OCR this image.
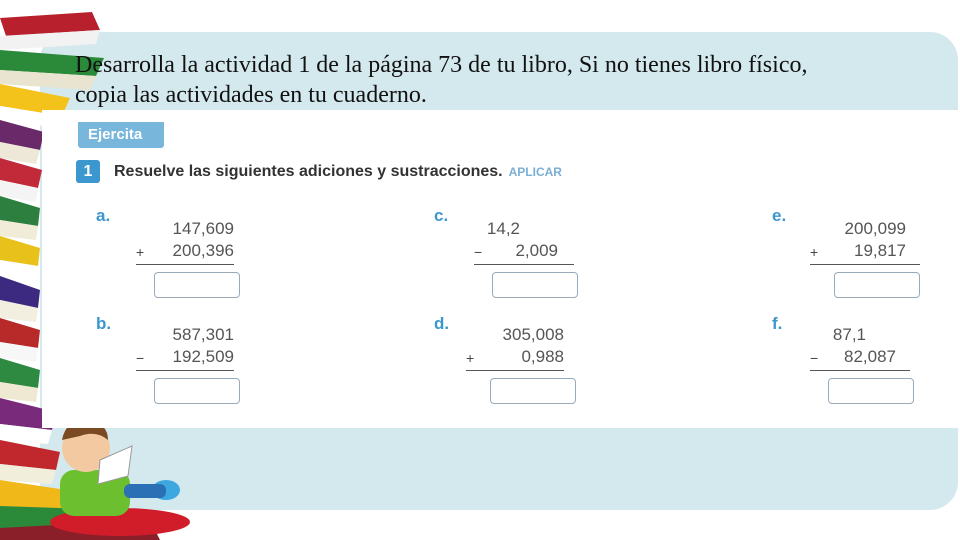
Desarrolla la actividad 1 de la página 73 de tu libro, Si no tienes libro físico, copia las actividades en tu cuaderno.

Ejercita
1	Resuelve las siguientes adiciones y sustracciones. APLICAR
a.
147,609
+ 200,396
b.
587,301
− 192,509
c.
14,2
− 2,009
d.
305,008
+	0,988
e.
200,099
+ 19,817
f.
87,1
− 82,087
